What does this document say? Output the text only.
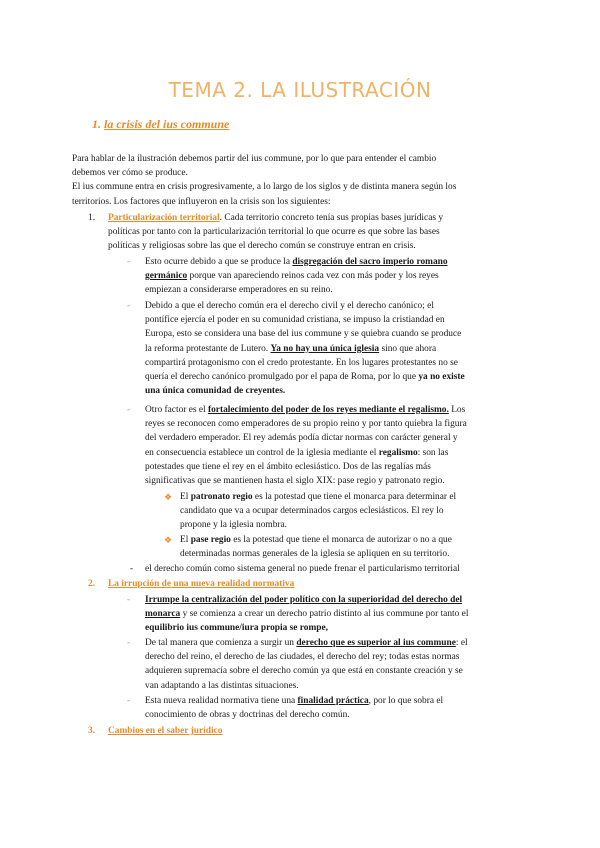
TEMA 2. LA ILUSTRACIÓN
1. la crisis del ius commune
Para hablar de la ilustración debemos partir del ius commune, por lo que para entender el cambio
debemos ver cómo se produce.
El ius commune entra en crisis progresivamente, a lo largo de los siglos y de distinta manera según los
territorios. Los factores que influyeron en la crisis son los siguientes:
1. Particularización territorial. Cada territorio concreto tenía sus propias bases jurídicas y
políticas por tanto con la particularización territorial lo que ocurre es que sobre las bases
políticas y religiosas sobre las que el derecho común se construye entran en crisis.
- Esto ocurre debido a que se produce la disgregación del sacro imperio romano
germánico porque van apareciendo reinos cada vez con más poder y los reyes
empiezan a considerarse emperadores en su reino.
- Debido a que el derecho común era el derecho civil y el derecho canónico; el
pontífice ejercía el poder en su comunidad cristiana, se impuso la cristiandad en
Europa, esto se considera una base del ius commune y se quiebra cuando se produce
la reforma protestante de Lutero. Ya no hay una única iglesia sino que ahora
compartirá protagonismo con el credo protestante. En los lugares protestantes no se
quería el derecho canónico promulgado por el papa de Roma, por lo que ya no existe
una única comunidad de creyentes.
- Otro factor es el fortalecimiento del poder de los reyes mediante el regalismo. Los
reyes se reconocen como emperadores de su propio reino y por tanto quiebra la figura
del verdadero emperador. El rey además podía dictar normas con carácter general y
en consecuencia establece un control de la iglesia mediante el regalismo: son las
potestades que tiene el rey en el ámbito eclesiástico. Dos de las regalías más
significativas que se mantienen hasta el siglo XIX: pase regio y patronato regio.
❖ El patronato regio es la potestad que tiene el monarca para determinar el
candidato que va a ocupar determinados cargos eclesiásticos. El rey lo
propone y la iglesia nombra.
❖ El pase regio es la potestad que tiene el monarca de autorizar o no a que
determinadas normas generales de la iglesia se apliquen en su territorio.
- el derecho común como sistema general no puede frenar el particularismo territorial
2. La irrupción de una nueva realidad normativa
- Irrumpe la centralización del poder político con la superioridad del derecho del
monarca y se comienza a crear un derecho patrio distinto al ius commune por tanto el
equilibrio ius commune/iura propia se rompe,
- De tal manera que comienza a surgir un derecho que es superior al ius commune: el
derecho del reino, el derecho de las ciudades, el derecho del rey; todas estas normas
adquieren supremacía sobre el derecho común ya que está en constante creación y se
van adaptando a las distintas situaciones.
- Esta nueva realidad normativa tiene una finalidad práctica, por lo que sobra el
conocimiento de obras y doctrinas del derecho común.
3. Cambios en el saber jurídico
